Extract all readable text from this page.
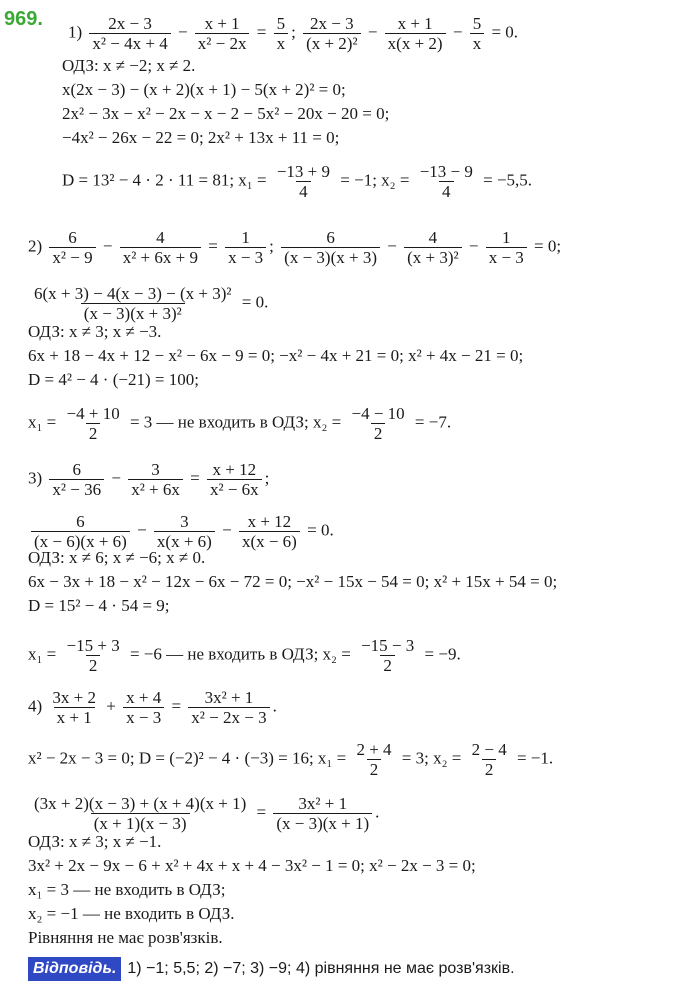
969.
$1) \frac{2x - 3}{\text{x² − 4x + 4}} - \frac{x + 1}{\text{x² − 2x}} = \frac{5}{x}$ ; $\frac{2x - 3}{\text{(x + 2)²}} - \frac{x + 1}{x(x + 2)} - \frac{5}{x} = 0$.
ОДЗ: x ≠ −2; x ≠ 2.
x(2x − 3) − (x + 2)(x + 1) − 5(x + 2)² = 0;
2x² − 3x − x² − 2x − x − 2 − 5x² − 20x − 20 = 0;
−4x² − 26x − 22 = 0; 2x² + 13x + 11 = 0;
D = 13² − 4 · 2 · 11 = 81; $x_1 = \frac{-13 + 9}{4} = -1$; $x_2 = \frac{-13 - 9}{4} = -5,5$.
$2) \frac{6}{\text{x² − 9}} - \frac{4}{\text{x² + 6x + 9}} = \frac{1}{x - 3}$ ; $\frac{6}{(x - 3)(x + 3)} - \frac{4}{\text{(x + 3)²}} - \frac{1}{x - 3} = 0$;
$\frac{\text{6(x + 3) − 4(x − 3) − (x + 3)²}}{\text{(x − 3)(x + 3)²}} = 0$.
ОДЗ: x ≠ 3; x ≠ −3.
6x + 18 − 4x + 12 − x² − 6x − 9 = 0; −x² − 4x + 21 = 0; x² + 4x − 21 = 0;
D = 4² − 4 · (−21) = 100;
$x_1 = \frac{-4 + 10}{2} = 3$ — не входить в ОДЗ; $x_2 = \frac{-4 - 10}{2} = -7$.
$3) \frac{6}{\text{x² − 36}} - \frac{3}{\text{x² + 6x}} = \frac{x + 12}{\text{x² − 6x}}$ ;
$\frac{6}{(x - 6)(x + 6)} - \frac{3}{x(x + 6)} - \frac{x + 12}{x(x - 6)} = 0$.
ОДЗ: x ≠ 6; x ≠ −6; x ≠ 0.
6x − 3x + 18 − x² − 12x − 6x − 72 = 0; −x² − 15x − 54 = 0; x² + 15x + 54 = 0;
D = 15² − 4 · 54 = 9;
$x_1 = \frac{-15 + 3}{2} = -6$ — не входить в ОДЗ; $x_2 = \frac{-15 - 3}{2} = -9$.
$4) \frac{3x + 2}{x + 1} + \frac{x + 4}{x - 3} = \frac{\text{3x² + 1}}{\text{x² − 2x − 3}}$ .
x² − 2x − 3 = 0; D = (−2)² − 4 · (−3) = 16; $x_1 = \frac{2 + 4}{2} = 3$; $x_2 = \frac{2 - 4}{2} = -1$.
$\frac{(3x + 2)(x - 3) + (x + 4)(x + 1)}{(x + 1)(x - 3)} = \frac{\text{3x² + 1}}{(x - 3)(x + 1)}$ .
ОДЗ: x ≠ 3; x ≠ −1.
3x² + 2x − 9x − 6 + x² + 4x + x + 4 − 3x² − 1 = 0; x² − 2x − 3 = 0;
x₁ = 3 — не входить в ОДЗ;
x₂ = −1 — не входить в ОДЗ.
Рівняння не має розв'язків.
Відповідь. 1) −1; 5,5; 2) −7; 3) −9; 4) рівняння не має розв'язків.
